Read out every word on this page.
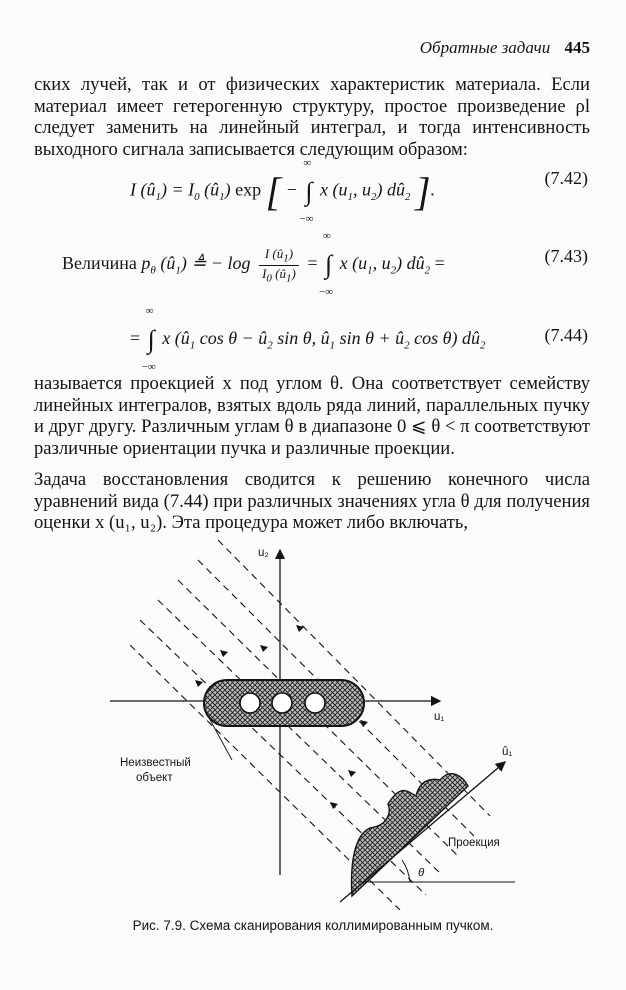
Обратные задачи 445
ских лучей, так и от физических характеристик материала. Если материал имеет гетерогенную структуру, простое произведение ρl следует заменить на линейный интеграл, и тогда интенсивность выходного сигнала записывается следующим образом:
I $(û_1) = I_0$ $(û_1)$ exp [ − ∫
∞
−∞
x ($u_1$, $u_2$) $dû_2$ ].
(7.42)
Величина $p_\theta$ $(û_1)$ ≜ − $\log \frac{I (û_1)}{I_0 (û_1)}$ = ∫
∞
−∞
x ($u_1$, $u_2$) $dû_2$ =	(7.43)
= ∫
∞
−∞
x ($û_1$ $\cos \theta - û_2$ sin θ, $û_1$ $\sin \theta + û_2$ cos θ) $dû_2$
(7.44)
называется проекцией x под углом θ. Она соответствует семейству линейных интегралов, взятых вдоль ряда линий, параллельных пучку и друг другу. Различным углам θ в диапазоне 0 ⩽ θ < π соответствуют различные ориентации пучка и различные проекции.
Задача восстановления сводится к решению конечного числа уравнений вида (7.44) при различных значениях угла θ для получения оценки x (u₁, u₂). Эта процедура может либо включать,
u₂
u₁
û₁
Неизвестный
объект
Проекция
θ
Рис. 7.9. Схема сканирования коллимированным пучком.
